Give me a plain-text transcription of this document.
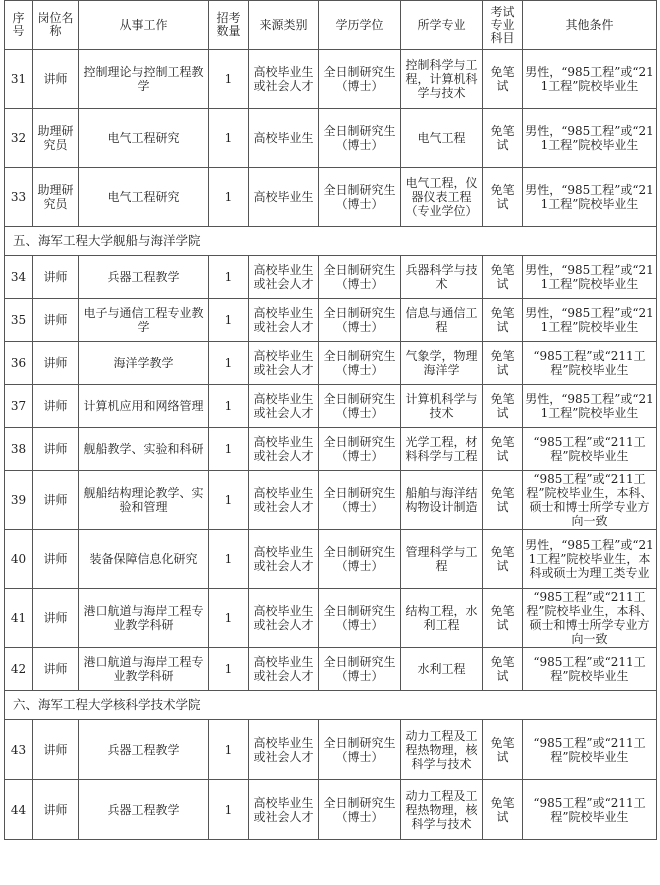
序号	岗位名称	从事工作	招考数量	来源类别	学历学位	所学专业	考试专业科目	其他条件
31	讲师	控制理论与控制工程教学	1	高校毕业生或社会人才	全日制研究生（博士）	控制科学与工程，计算机科学与技术	免笔试	男性，“985工程”或“211工程”院校毕业生
32	助理研究员	电气工程研究	1	高校毕业生	全日制研究生（博士）	电气工程	免笔试	男性，“985工程”或“211工程”院校毕业生
33	助理研究员	电气工程研究	1	高校毕业生	全日制研究生（博士）	电气工程，仪器仪表工程（专业学位）	免笔试	男性，“985工程”或“211工程”院校毕业生
五、海军工程大学舰船与海洋学院								
34	讲师	兵器工程教学	1	高校毕业生或社会人才	全日制研究生（博士）	兵器科学与技术	免笔试	男性，“985工程”或“211工程”院校毕业生
35	讲师	电子与通信工程专业教学	1	高校毕业生或社会人才	全日制研究生（博士）	信息与通信工程	免笔试	男性，“985工程”或“211工程”院校毕业生
36	讲师	海洋学教学	1	高校毕业生或社会人才	全日制研究生（博士）	气象学，物理海洋学	免笔试	“985工程”或“211工程”院校毕业生
37	讲师	计算机应用和网络管理	1	高校毕业生或社会人才	全日制研究生（博士）	计算机科学与技术	免笔试	男性，“985工程”或“211工程”院校毕业生
38	讲师	舰船教学、实验和科研	1	高校毕业生或社会人才	全日制研究生（博士）	光学工程，材料科学与工程	免笔试	“985工程”或“211工程”院校毕业生
39	讲师	舰船结构理论教学、实验和管理	1	高校毕业生或社会人才	全日制研究生（博士）	船舶与海洋结构物设计制造	免笔试	“985工程”或“211工程”院校毕业生，本科、硕士和博士所学专业方向一致
40	讲师	装备保障信息化研究	1	高校毕业生或社会人才	全日制研究生（博士）	管理科学与工程	免笔试	男性，“985工程”或“211工程”院校毕业生，本科或硕士为理工类专业
41	讲师	港口航道与海岸工程专业教学科研	1	高校毕业生或社会人才	全日制研究生（博士）	结构工程，水利工程	免笔试	“985工程”或“211工程”院校毕业生，本科、硕士和博士所学专业方向一致
42	讲师	港口航道与海岸工程专业教学科研	1	高校毕业生或社会人才	全日制研究生（博士）	水利工程	免笔试	“985工程”或“211工程”院校毕业生
六、海军工程大学核科学技术学院								
43	讲师	兵器工程教学	1	高校毕业生或社会人才	全日制研究生（博士）	动力工程及工程热物理，核科学与技术	免笔试	“985工程”或“211工程”院校毕业生
44	讲师	兵器工程教学	1	高校毕业生或社会人才	全日制研究生（博士）	动力工程及工程热物理，核科学与技术	免笔试	“985工程”或“211工程”院校毕业生
